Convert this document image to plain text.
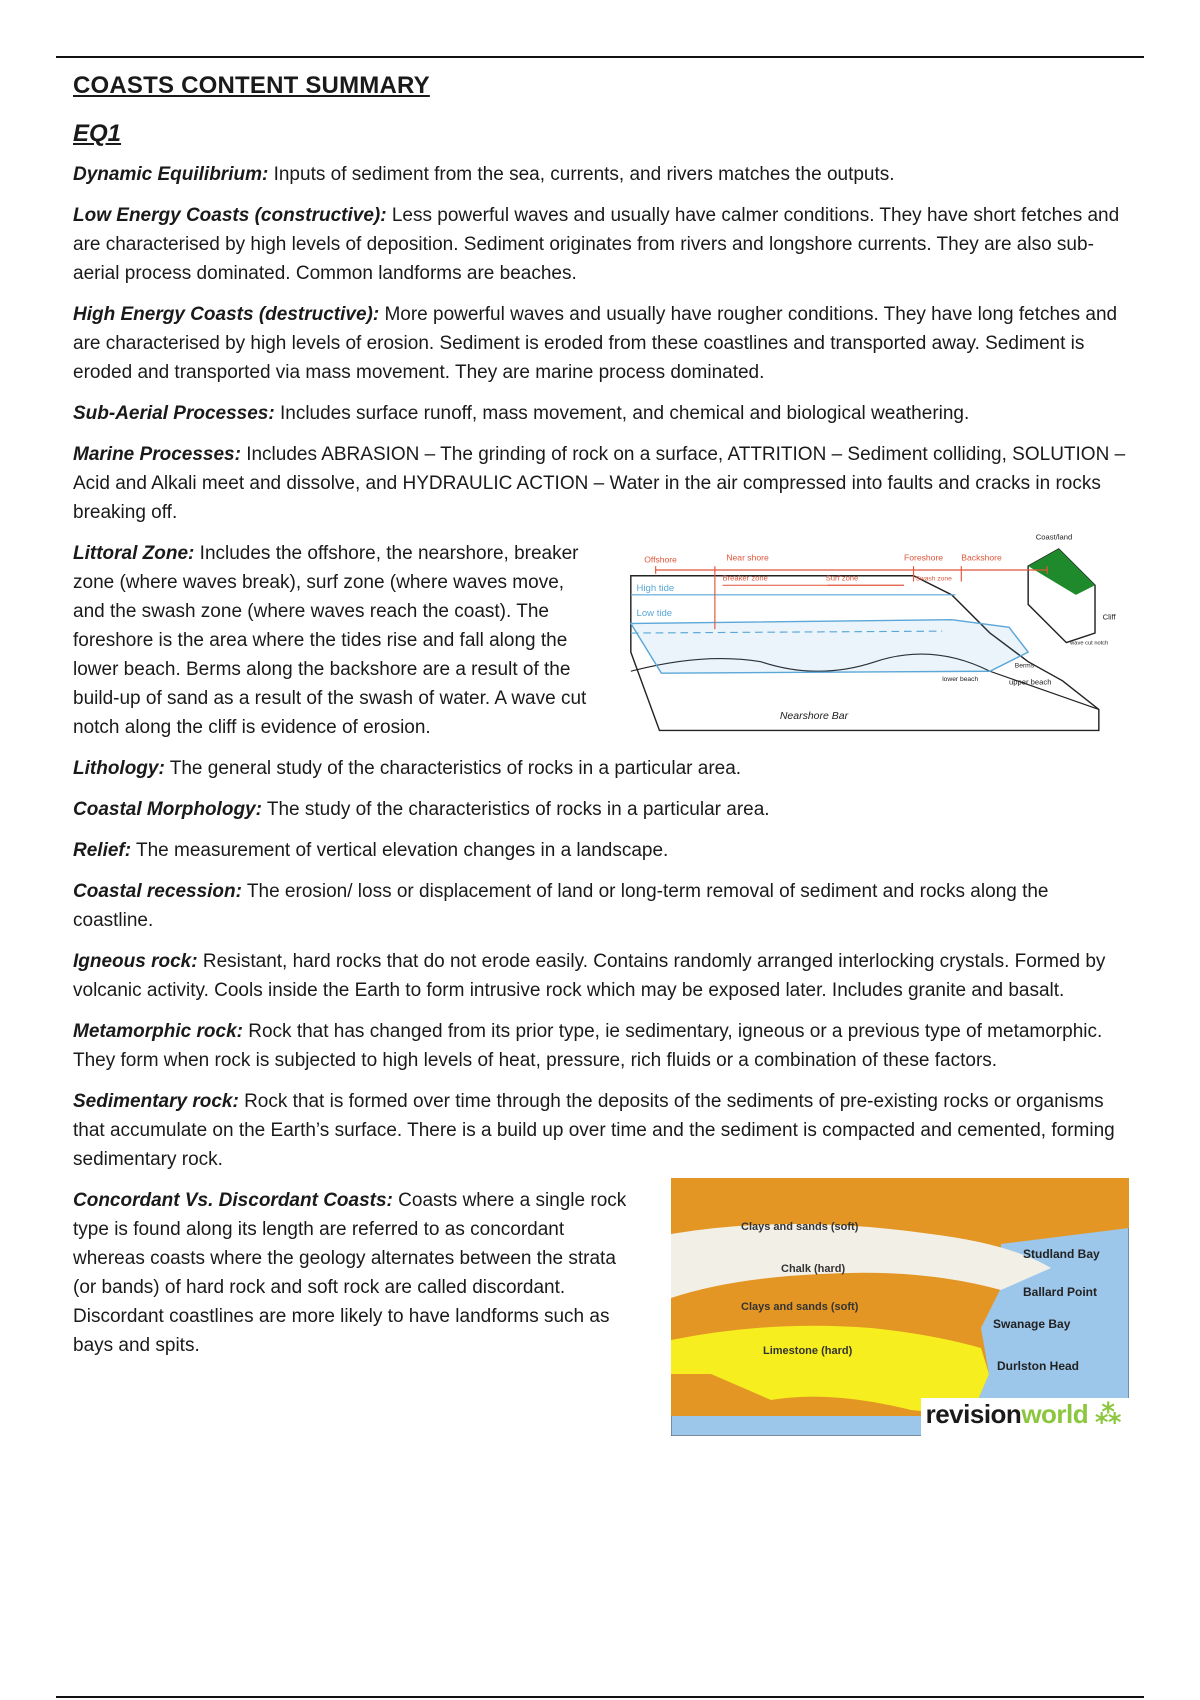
COASTS CONTENT SUMMARY
EQ1

Dynamic Equilibrium: Inputs of sediment from the sea, currents, and rivers matches the outputs.

Low Energy Coasts (constructive): Less powerful waves and usually have calmer conditions. They have short fetches and are characterised by high levels of deposition. Sediment originates from rivers and longshore currents. They are also sub-aerial process dominated. Common landforms are beaches.

High Energy Coasts (destructive): More powerful waves and usually have rougher conditions. They have long fetches and are characterised by high levels of erosion. Sediment is eroded from these coastlines and transported away. Sediment is eroded and transported via mass movement. They are marine process dominated.

Sub-Aerial Processes: Includes surface runoff, mass movement, and chemical and biological weathering.

Marine Processes: Includes ABRASION – The grinding of rock on a surface, ATTRITION – Sediment colliding, SOLUTION – Acid and Alkali meet and dissolve, and HYDRAULIC ACTION – Water in the air compressed into faults and cracks in rocks breaking off.

Littoral Zone: Includes the offshore, the nearshore, breaker zone (where waves break), surf zone (where waves move, and the swash zone (where waves reach the coast). The foreshore is the area where the tides rise and fall along the lower beach. Berms along the backshore are a result of the build-up of sand as a result of the swash of water. A wave cut notch along the cliff is evidence of erosion.

Offshore	Near shore
Breaker zone	Surf zone
Foreshore Backshore
Swash zone
Coast/land
High tide
Low tide	Cliff
wave cut notch
Berms
lower beach	upper beach
Nearshore Bar

Lithology: The general study of the characteristics of rocks in a particular area.

Coastal Morphology: The study of the characteristics of rocks in a particular area.

Relief: The measurement of vertical elevation changes in a landscape.

Coastal recession: The erosion/ loss or displacement of land or long-term removal of sediment and rocks along the coastline.

Igneous rock: Resistant, hard rocks that do not erode easily. Contains randomly arranged interlocking crystals. Formed by volcanic activity. Cools inside the Earth to form intrusive rock which may be exposed later. Includes granite and basalt.

Metamorphic rock: Rock that has changed from its prior type, ie sedimentary, igneous or a previous type of metamorphic. They form when rock is subjected to high levels of heat, pressure, rich fluids or a combination of these factors.

Sedimentary rock: Rock that is formed over time through the deposits of the sediments of pre-existing rocks or organisms that accumulate on the Earth’s surface. There is a build up over time and the sediment is compacted and cemented, forming sedimentary rock.

Concordant Vs. Discordant Coasts: Coasts where a single rock type is found along its length are referred to as concordant whereas coasts where the geology alternates between the strata (or bands) of hard rock and soft rock are called discordant. Discordant coastlines are more likely to have landforms such as bays and spits.

Clays and sands (soft)
Chalk (hard)
Clays and sands (soft)
Limestone (hard)
Studland Bay
Ballard Point
Swanage Bay
Durlston Head
revisionworld ⁂
